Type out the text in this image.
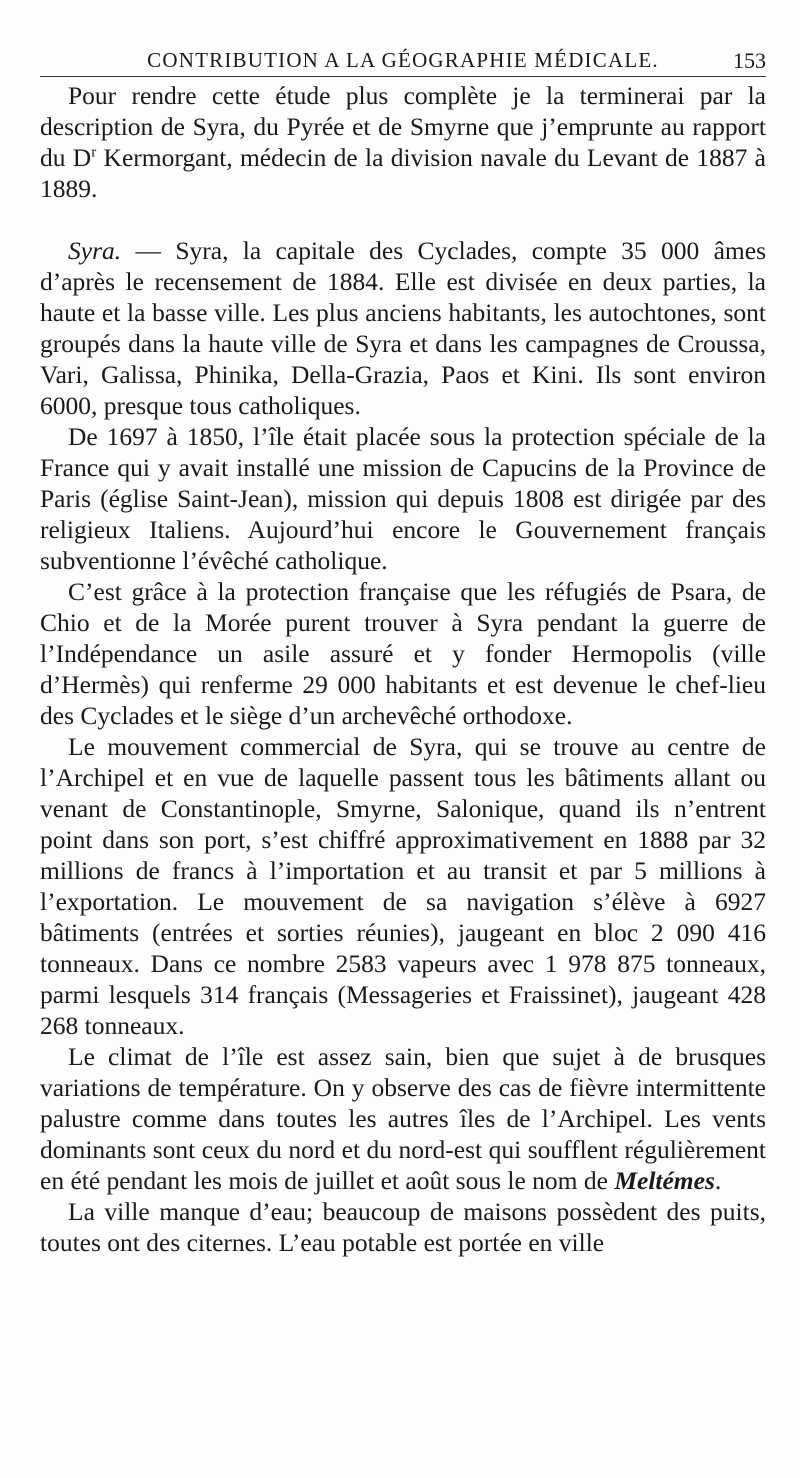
CONTRIBUTION A LA GÉOGRAPHIE MÉDICALE.	153

Pour rendre cette étude plus complète je la terminerai par la description de Syra, du Pyrée et de Smyrne que j’emprunte au rapport du $D^r$ Kermorgant, médecin de la division navale du Levant de 1887 à 1889.

Syra. — Syra, la capitale des Cyclades, compte 35 000 âmes d’après le recensement de 1884. Elle est divisée en deux parties, la haute et la basse ville. Les plus anciens habitants, les autochtones, sont groupés dans la haute ville de Syra et dans les campagnes de Croussa, Vari, Galissa, Phinika, Della-Grazia, Paos et Kini. Ils sont environ 6000, presque tous catholiques.

De 1697 à 1850, l’île était placée sous la protection spéciale de la France qui y avait installé une mission de Capucins de la Province de Paris (église Saint-Jean), mission qui depuis 1808 est dirigée par des religieux Italiens. Aujourd’hui encore le Gouvernement français subventionne l’évêché catholique.

C’est grâce à la protection française que les réfugiés de Psara, de Chio et de la Morée purent trouver à Syra pendant la guerre de l’Indépendance un asile assuré et y fonder Hermopolis (ville d’Hermès) qui renferme 29 000 habitants et est devenue le chef-lieu des Cyclades et le siège d’un archevêché orthodoxe.

Le mouvement commercial de Syra, qui se trouve au centre de l’Archipel et en vue de laquelle passent tous les bâtiments allant ou venant de Constantinople, Smyrne, Salonique, quand ils n’entrent point dans son port, s’est chiffré approximativement en 1888 par 32 millions de francs à l’importation et au transit et par 5 millions à l’exportation. Le mouvement de sa navigation s’élève à 6927 bâtiments (entrées et sorties réunies), jaugeant en bloc 2 090 416 tonneaux. Dans ce nombre 2583 vapeurs avec 1 978 875 tonneaux, parmi lesquels 314 français (Messageries et Fraissinet), jaugeant 428 268 tonneaux.

Le climat de l’île est assez sain, bien que sujet à de brusques variations de température. On y observe des cas de fièvre intermittente palustre comme dans toutes les autres îles de l’Archipel. Les vents dominants sont ceux du nord et du nord-est qui soufflent régulièrement en été pendant les mois de juillet et août sous le nom de Meltémes.

La ville manque d’eau; beaucoup de maisons possèdent des puits, toutes ont des citernes. L’eau potable est portée en ville
